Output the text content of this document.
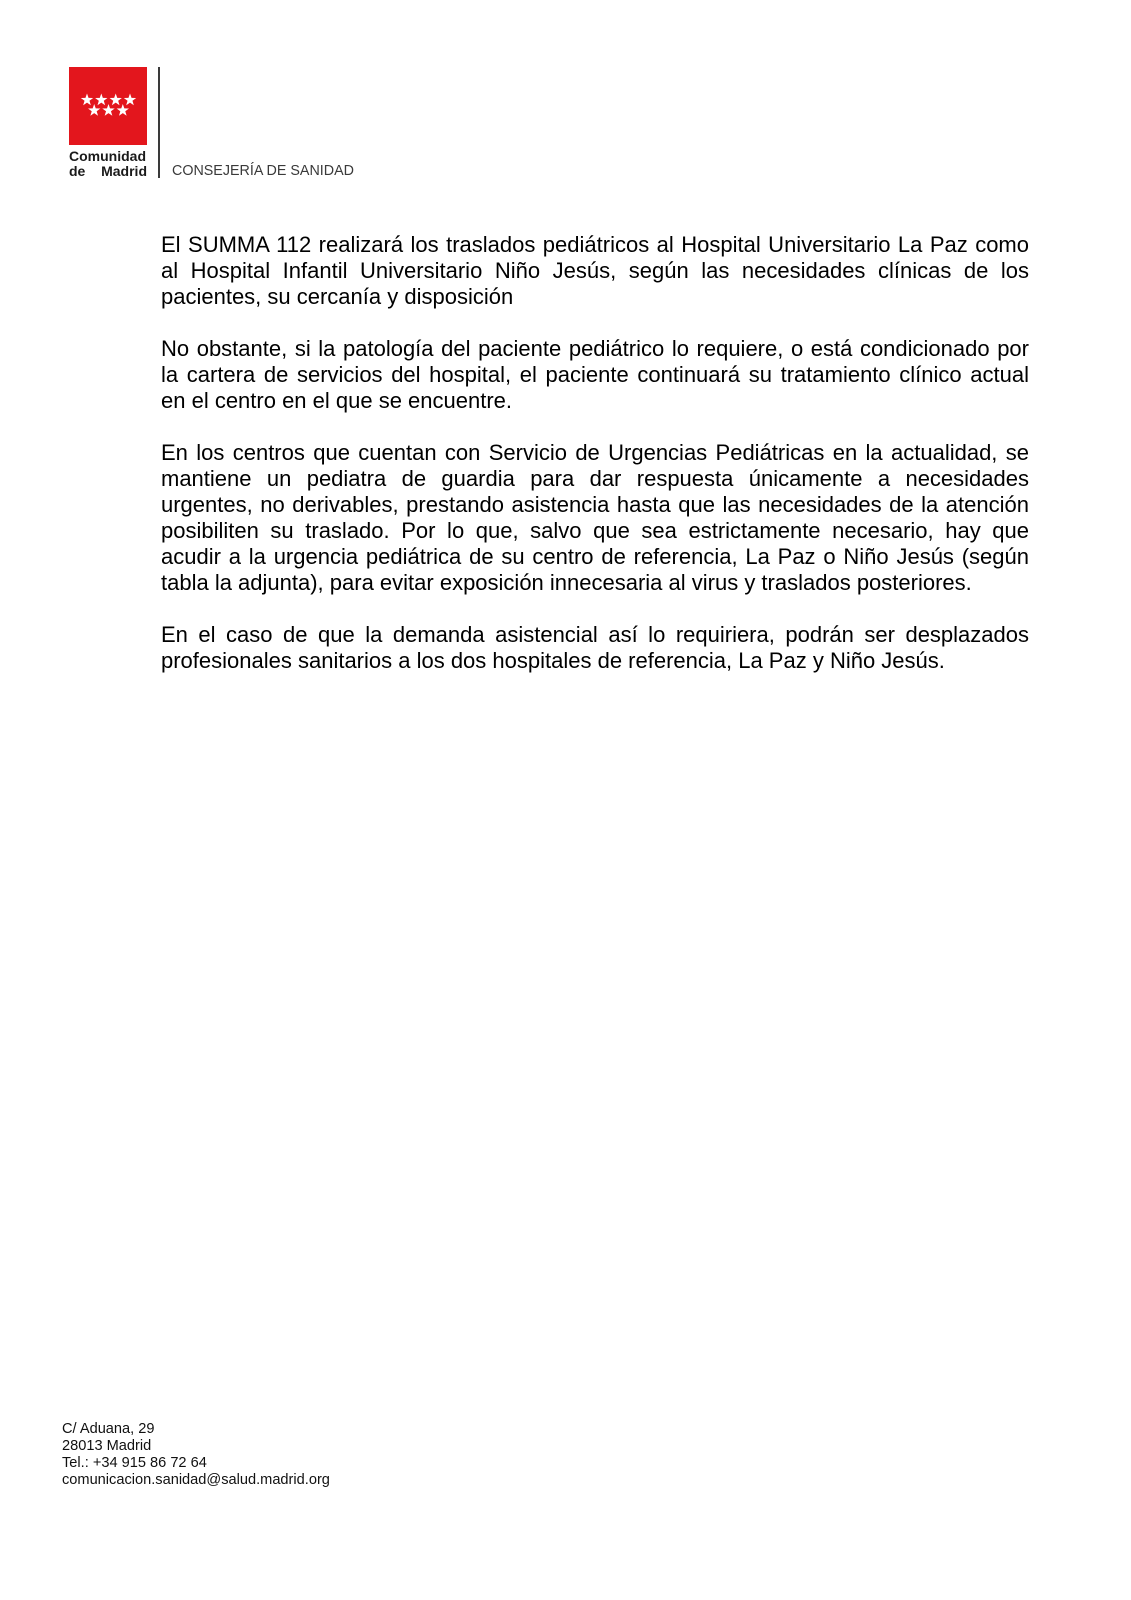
Comunidad
de Madrid CONSEJERÍA DE SANIDAD
El SUMMA 112 realizará los traslados pediátricos al Hospital Universitario La Paz como
al Hospital Infantil Universitario Niño Jesús, según las necesidades clínicas de los
pacientes, su cercanía y disposición
No obstante, si la patología del paciente pediátrico lo requiere, o está condicionado por
la cartera de servicios del hospital, el paciente continuará su tratamiento clínico actual
en el centro en el que se encuentre.
En los centros que cuentan con Servicio de Urgencias Pediátricas en la actualidad, se
mantiene un pediatra de guardia para dar respuesta únicamente a necesidades
urgentes, no derivables, prestando asistencia hasta que las necesidades de la atención
posibiliten su traslado. Por lo que, salvo que sea estrictamente necesario, hay que
acudir a la urgencia pediátrica de su centro de referencia, La Paz o Niño Jesús (según
tabla la adjunta), para evitar exposición innecesaria al virus y traslados posteriores.
En el caso de que la demanda asistencial así lo requiriera, podrán ser desplazados
profesionales sanitarios a los dos hospitales de referencia, La Paz y Niño Jesús.
C/ Aduana, 29
28013 Madrid
Tel.: +34 915 86 72 64
comunicacion.sanidad@salud.madrid.org
